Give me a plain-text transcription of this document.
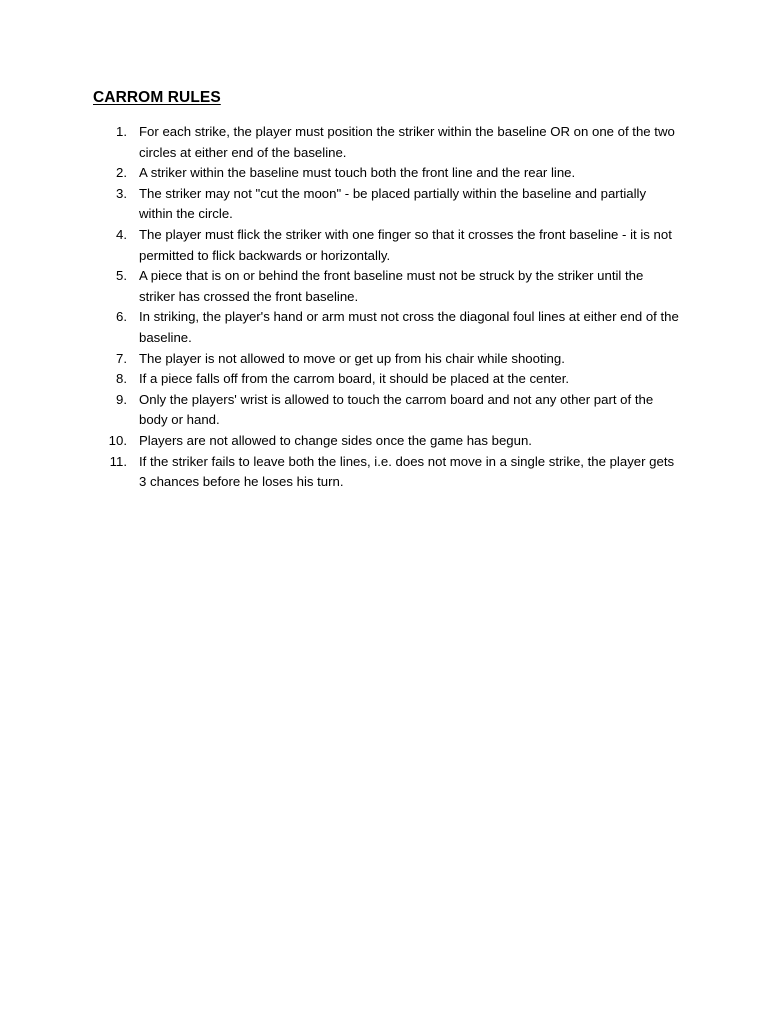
CARROM RULES
1. For each strike, the player must position the striker within the baseline OR on one of the two circles at either end of the baseline.
2. A striker within the baseline must touch both the front line and the rear line.
3. The striker may not "cut the moon" - be placed partially within the baseline and partially within the circle.
4. The player must flick the striker with one finger so that it crosses the front baseline - it is not permitted to flick backwards or horizontally.
5. A piece that is on or behind the front baseline must not be struck by the striker until the striker has crossed the front baseline.
6. In striking, the player's hand or arm must not cross the diagonal foul lines at either end of the baseline.
7. The player is not allowed to move or get up from his chair while shooting.
8. If a piece falls off from the carrom board, it should be placed at the center.
9. Only the players' wrist is allowed to touch the carrom board and not any other part of the body or hand.
10. Players are not allowed to change sides once the game has begun.
11. If the striker fails to leave both the lines, i.e. does not move in a single strike, the player gets 3 chances before he loses his turn.
